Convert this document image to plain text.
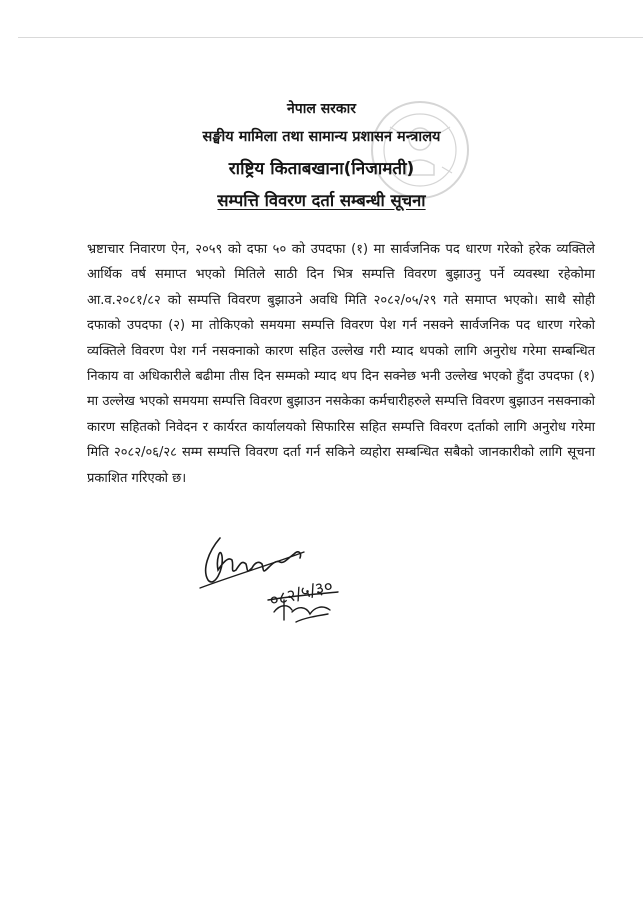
नेपाल सरकार
सङ्घीय मामिला तथा सामान्य प्रशासन मन्त्रालय
राष्ट्रिय किताबखाना(निजामती)
सम्पत्ति विवरण दर्ता सम्बन्धी सूचना
भ्रष्टाचार निवारण ऐन, २०५९ को दफा ५० को उपदफा (१) मा सार्वजनिक पद धारण गरेको हरेक व्यक्तिले आर्थिक वर्ष समाप्त भएको मितिले साठी दिन भित्र सम्पत्ति विवरण बुझाउनु पर्ने व्यवस्था रहेकोमा आ.व.२०८१/८२ को सम्पत्ति विवरण बुझाउने अवधि मिति २०८२/०५/२९ गते समाप्त भएको। साथै सोही दफाको उपदफा (२) मा तोकिएको समयमा सम्पत्ति विवरण पेश गर्न नसक्ने सार्वजनिक पद धारण गरेको व्यक्तिले विवरण पेश गर्न नसक्नाको कारण सहित उल्लेख गरी म्याद थपको लागि अनुरोध गरेमा सम्बन्धित निकाय वा अधिकारीले बढीमा तीस दिन सम्मको म्याद थप दिन सक्नेछ भनी उल्लेख भएको हुँदा उपदफा (१) मा उल्लेख भएको समयमा सम्पत्ति विवरण बुझाउन नसकेका कर्मचारीहरुले सम्पत्ति विवरण बुझाउन नसक्नाको कारण सहितको निवेदन र कार्यरत कार्यालयको सिफारिस सहित सम्पत्ति विवरण दर्ताको लागि अनुरोध गरेमा मिति २०८२/०६/२८ सम्म सम्पत्ति विवरण दर्ता गर्न सकिने व्यहोरा सम्बन्धित सबैको जानकारीको लागि सूचना प्रकाशित गरिएको छ।
०८२/५/३०
